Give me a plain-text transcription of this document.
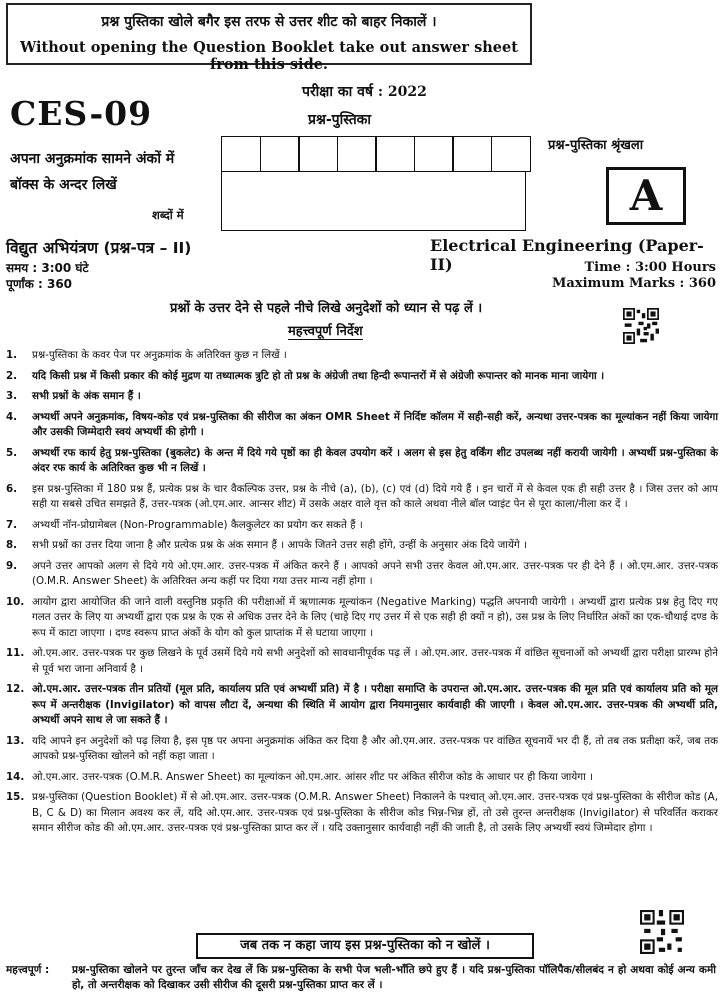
प्रश्न पुस्तिका खोले बगैर इस तरफ से उत्तर शीट को बाहर निकालें ।
Without opening the Question Booklet take out answer sheet from this side.
CES-09
परीक्षा का वर्ष : 2022
प्रश्न-पुस्तिका
प्रश्न-पुस्तिका श्रृंखला
A
अपना अनुक्रमांक सामने अंकों में
बॉक्स के अन्दर लिखें
शब्दों में
विद्युत अभियंत्रण (प्रश्न-पत्र – II)	Electrical Engineering (Paper-II)
समय : 3:00 घंटे
पूर्णांक : 360
Time : 3:00 Hours
Maximum Marks : 360
प्रश्नों के उत्तर देने से पहले नीचे लिखे अनुदेशों को ध्यान से पढ़ लें ।
महत्त्वपूर्ण निर्देश
1.	प्रश्न-पुस्तिका के कवर पेज पर अनुक्रमांक के अतिरिक्त कुछ न लिखें ।
2.	यदि किसी प्रश्न में किसी प्रकार की कोई मुद्रण या तथ्यात्मक त्रुटि हो तो प्रश्न के अंग्रेजी तथा हिन्दी रूपान्तरों में से अंग्रेजी रूपान्तर को मानक माना जायेगा ।
3.	सभी प्रश्नों के अंक समान हैं ।
4.	अभ्यर्थी अपने अनुक्रमांक, विषय-कोड एवं प्रश्न-पुस्तिका की सीरीज का अंकन OMR Sheet में निर्दिष्ट कॉलम में सही-सही करें, अन्यथा उत्तर-पत्रक का मूल्यांकन नहीं किया जायेगा और उसकी जिम्मेदारी स्वयं अभ्यर्थी की होगी ।
5.	अभ्यर्थी रफ कार्य हेतु प्रश्न-पुस्तिका (बुकलेट) के अन्त में दिये गये पृष्ठों का ही केवल उपयोग करें । अलग से इस हेतु वर्किंग शीट उपलब्ध नहीं करायी जायेगी । अभ्यर्थी प्रश्न-पुस्तिका के अंदर रफ कार्य के अतिरिक्त कुछ भी न लिखें ।
6.	इस प्रश्न-पुस्तिका में 180 प्रश्न हैं, प्रत्येक प्रश्न के चार वैकल्पिक उत्तर, प्रश्न के नीचे (a), (b), (c) एवं (d) दिये गये हैं । इन चारों में से केवल एक ही सही उत्तर है । जिस उत्तर को आप सही या सबसे उचित समझते हैं, उत्तर-पत्रक (ओ.एम.आर. आन्सर शीट) में उसके अक्षर वाले वृत्त को काले अथवा नीले बॉल प्वाइंट पेन से पूरा काला/नीला कर दें ।
7.	अभ्यर्थी नॉन-प्रोग्रामेबल (Non-Programmable) कैलकुलेटर का प्रयोग कर सकते हैं ।
8.	सभी प्रश्नों का उत्तर दिया जाना है और प्रत्येक प्रश्न के अंक समान हैं । आपके जितने उत्तर सही होंगे, उन्हीं के अनुसार अंक दिये जायेंगे ।
9.	अपने उत्तर आपको अलग से दिये गये ओ.एम.आर. उत्तर-पत्रक में अंकित करने हैं । आपको अपने सभी उत्तर केवल ओ.एम.आर. उत्तर-पत्रक पर ही देने हैं । ओ.एम.आर. उत्तर-पत्रक (O.M.R. Answer Sheet) के अतिरिक्त अन्य कहीं पर दिया गया उत्तर मान्य नहीं होगा ।
10. आयोग द्वारा आयोजित की जाने वाली वस्तुनिष्ठ प्रकृति की परीक्षाओं में ऋणात्मक मूल्यांकन (Negative Marking) पद्धति अपनायी जायेगी । अभ्यर्थी द्वारा प्रत्येक प्रश्न हेतु दिए गए गलत उत्तर के लिए या अभ्यर्थी द्वारा एक प्रश्न के एक से अधिक उत्तर देने के लिए (चाहे दिए गए उत्तर में से एक सही ही क्यों न हो), उस प्रश्न के लिए निर्धारित अंकों का एक-चौथाई दण्ड के रूप में काटा जाएगा । दण्ड स्वरूप प्राप्त अंकों के योग को कुल प्राप्तांक में से घटाया जाएगा ।
11. ओ.एम.आर. उत्तर-पत्रक पर कुछ लिखने के पूर्व उसमें दिये गये सभी अनुदेशों को सावधानीपूर्वक पढ़ लें । ओ.एम.आर. उत्तर-पत्रक में वांछित सूचनाओं को अभ्यर्थी द्वारा परीक्षा प्रारम्भ होने से पूर्व भरा जाना अनिवार्य है ।
12. ओ.एम.आर. उत्तर-पत्रक तीन प्रतियों (मूल प्रति, कार्यालय प्रति एवं अभ्यर्थी प्रति) में है । परीक्षा समाप्ति के उपरान्त ओ.एम.आर. उत्तर-पत्रक की मूल प्रति एवं कार्यालय प्रति को मूल रूप में अन्तरीक्षक (Invigilator) को वापस लौटा दें, अन्यथा की स्थिति में आयोग द्वारा नियमानुसार कार्यवाही की जाएगी । केवल ओ.एम.आर. उत्तर-पत्रक की अभ्यर्थी प्रति, अभ्यर्थी अपने साथ ले जा सकते हैं ।
13. यदि आपने इन अनुदेशों को पढ़ लिया है, इस पृष्ठ पर अपना अनुक्रमांक अंकित कर दिया है और ओ.एम.आर. उत्तर-पत्रक पर वांछित सूचनायें भर दी हैं, तो तब तक प्रतीक्षा करें, जब तक आपको प्रश्न-पुस्तिका खोलने को नहीं कहा जाता ।
14. ओ.एम.आर. उत्तर-पत्रक (O.M.R. Answer Sheet) का मूल्यांकन ओ.एम.आर. आंसर शीट पर अंकित सीरीज कोड के आधार पर ही किया जायेगा ।
15. प्रश्न-पुस्तिका (Question Booklet) में से ओ.एम.आर. उत्तर-पत्रक (O.M.R. Answer Sheet) निकालने के पश्चात् ओ.एम.आर. उत्तर-पत्रक एवं प्रश्न-पुस्तिका के सीरीज कोड (A, B, C & D) का मिलान अवश्य कर लें, यदि ओ.एम.आर. उत्तर-पत्रक एवं प्रश्न-पुस्तिका के सीरीज कोड भिन्न-भिन्न हों, तो उसे तुरन्त अन्तरीक्षक (Invigilator) से परिवर्तित कराकर समान सीरीज कोड की ओ.एम.आर. उत्तर-पत्रक एवं प्रश्न-पुस्तिका प्राप्त कर लें । यदि उक्तानुसार कार्यवाही नहीं की जाती है, तो उसके लिए अभ्यर्थी स्वयं जिम्मेदार होगा ।
जब तक न कहा जाय इस प्रश्न-पुस्तिका को न खोलें ।
महत्त्वपूर्ण :	प्रश्न-पुस्तिका खोलने पर तुरन्त जाँच कर देख लें कि प्रश्न-पुस्तिका के सभी पेज भली-भाँति छपे हुए हैं । यदि प्रश्न-पुस्तिका पॉलिपैक/सीलबंद न हो अथवा कोई अन्य कमी हो, तो अन्तरीक्षक को दिखाकर उसी सीरीज की दूसरी प्रश्न-पुस्तिका प्राप्त कर लें ।
